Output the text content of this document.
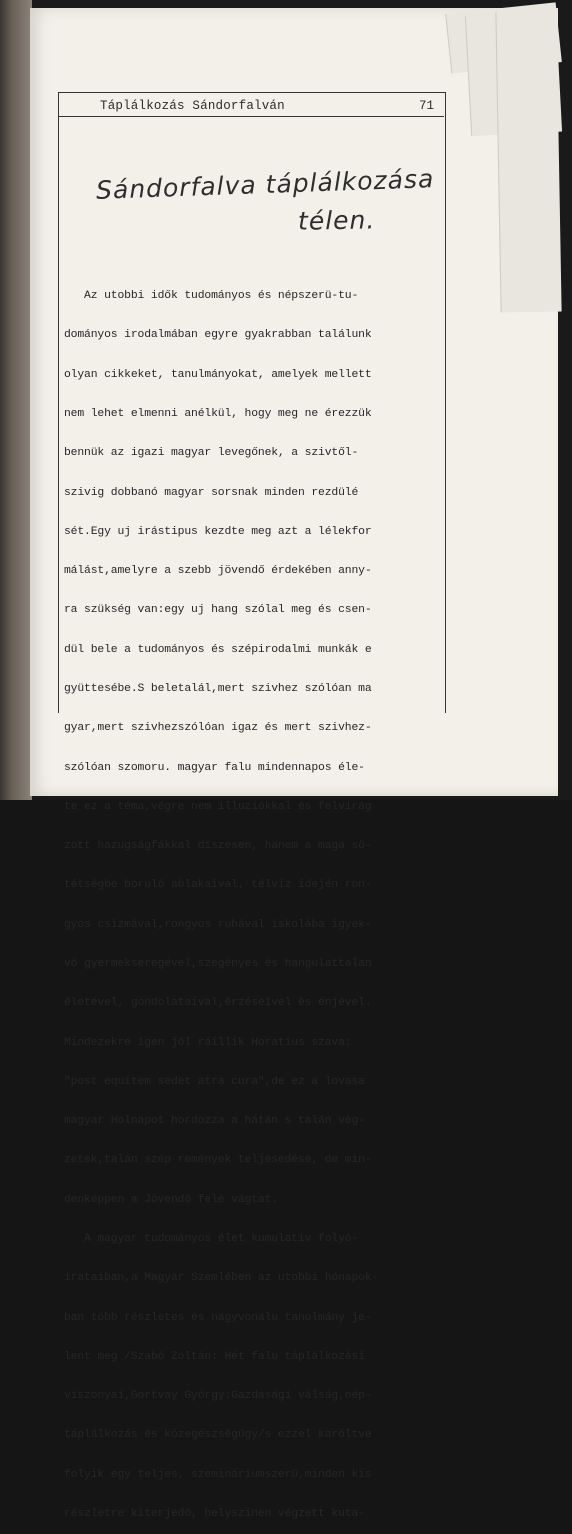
Táplálkozás Sándorfalván	71
Sándorfalva táplálkozása
télen.

Az utobbi idők tudományos és népszerü-tu-

dományos irodalmában egyre gyakrabban találunk

olyan cikkeket, tanulmányokat, amelyek mellett

nem lehet elmenni anélkül, hogy meg ne érezzük

bennük az igazi magyar levegőnek, a szivtől-

szivig dobbanó magyar sorsnak minden rezdülé

sét.Egy uj irástipus kezdte meg azt a lélekfor

málást,amelyre a szebb jövendő érdekében anny-

ra szükség van:egy uj hang szólal meg és csen-

dül bele a tudományos és szépirodalmi munkák e

gyüttesébe.S beletalál,mert szivhez szólóan ma

gyar,mert szivhezszólóan igaz és mert szivhez-

szólóan szomoru. magyar falu mindennapos éle-

te ez a téma,végre nem illuziókkal és felvirág

zott hazugságfákkal diszesen, hanem a maga sö-

tétségbe boruló ablakaival, télviz idején ron-

gyos csizmával,rongyos ruhával iskolába igyek-

vő gyermekseregével,szegényes és hangulattalan

életével, gondolataival,érzéseivel és énjével.

Mindezekre igen jól ráillik Horatius szava:

"post equitem sedet atra cura",de ez a lovasa

magyar Holnapot hordozza a hátán s talán vég-

zetek,talán szép remények teljesedése, de min-

denképpen a Jövendő felé vágtat.

A magyar tudományos élet kumulativ folyó-

irataiban,a Magyar Szemlében az utobbi hónapok-

ban több részletes és nagyvonalu tanulmány je-

lent meg /Szabó Zoltán: Hét falu táplálkozási

viszonyai,Gortvay György:Gazdasági válság,nép-

táplálkozás és közegészségügy/s ezzel karöltve

folyik egy teljes, szemináriumszerü,minden kis

részletre kiterjedő, helyszinen végzett kuta-
